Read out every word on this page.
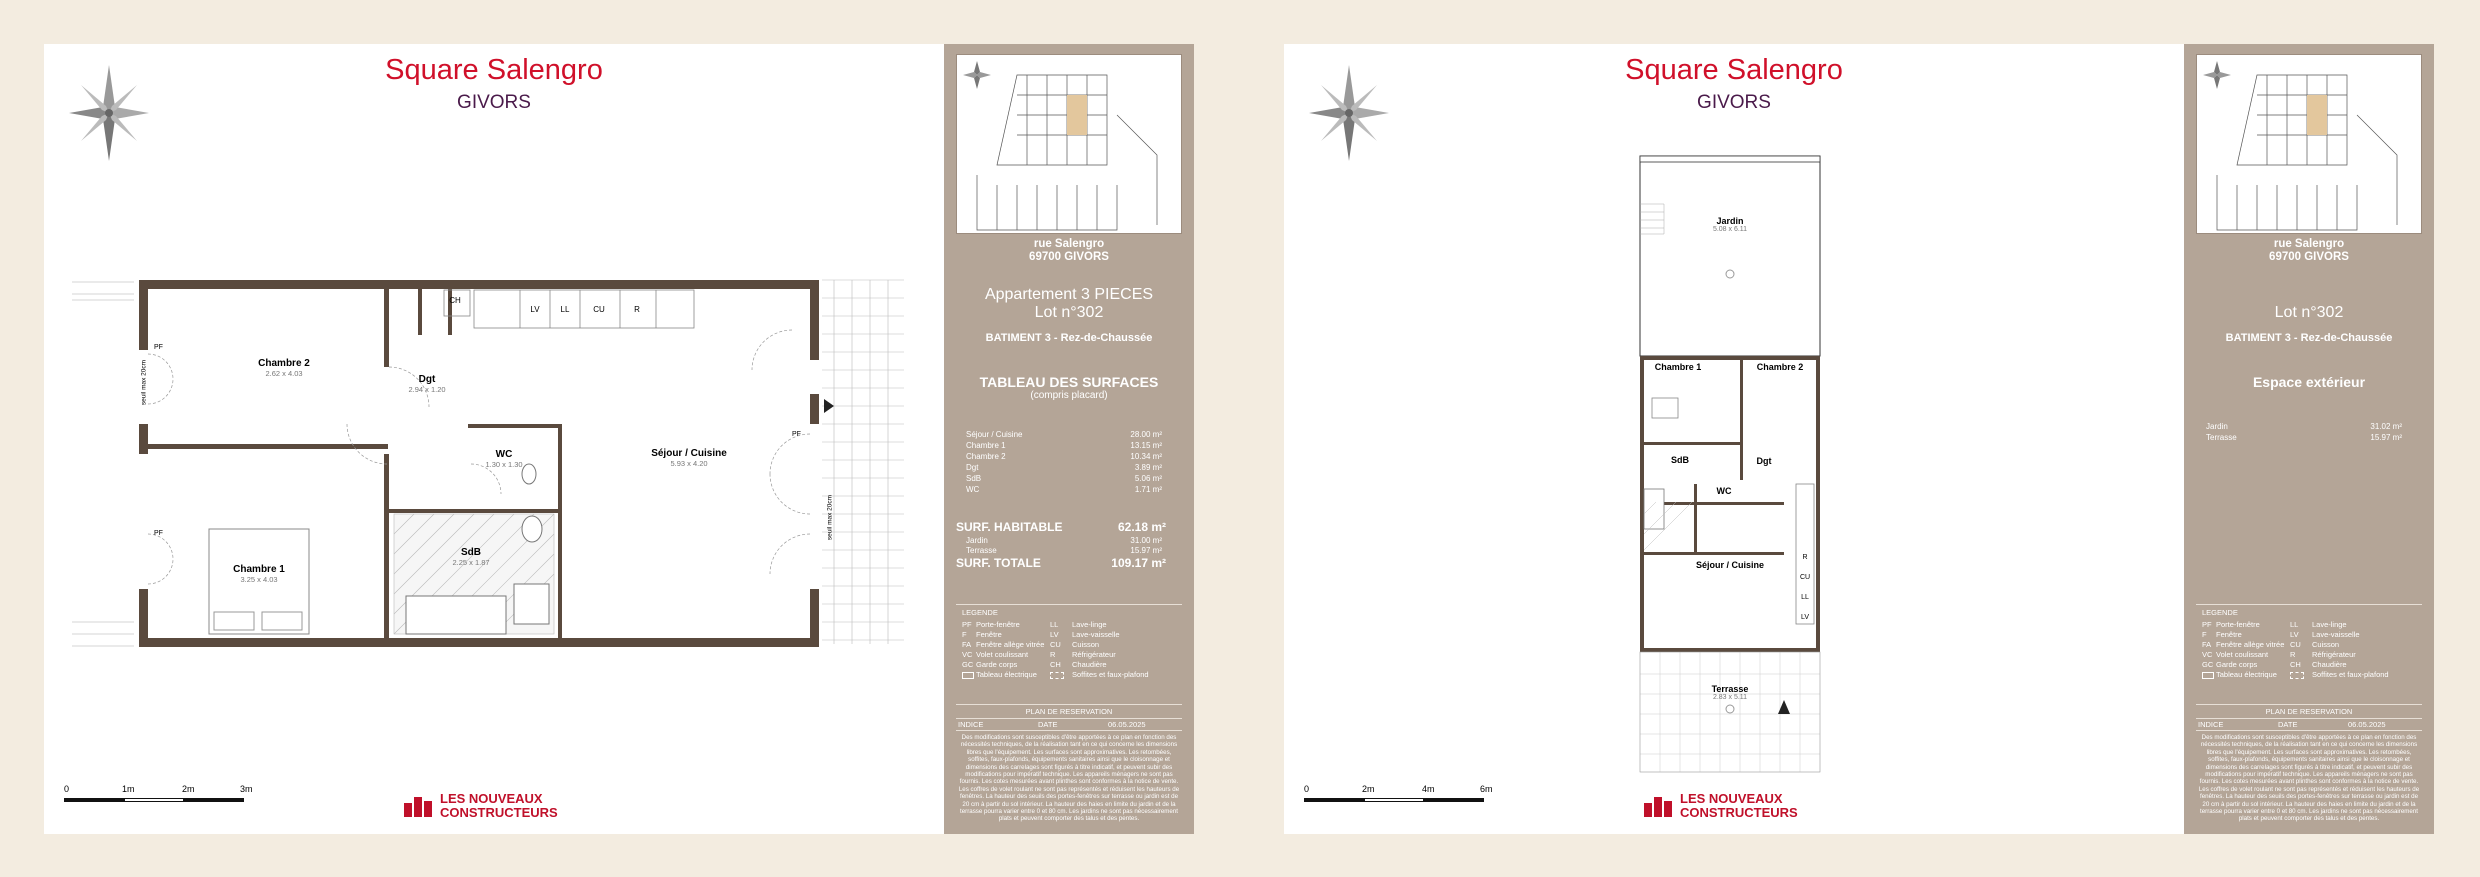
Square Salengro
GIVORS
Chambre 2
2.62 x 4.03
Dgt
2.94 x 1.20
WC
1.30 x 1.30
Séjour / Cuisine
5.93 x 4.20
Chambre 1
3.25 x 4.03
SdB
2.25 x 1.87
CH
LV	LL	CU	R
PF
PF
PF
seuil max 20cm
seuil max 20cm
0	1m	2m	3m
LES NOUVEAUX
CONSTRUCTEURS
rue Salengro
69700 GIVORS
Appartement 3 PIECES
Lot n°302
BATIMENT 3 - Rez-de-Chaussée
TABLEAU DES SURFACES
(compris placard)
Séjour / Cuisine	28.00 m²
Chambre 1	13.15 m²
Chambre 2	10.34 m²
Dgt	3.89 m²
SdB	5.06 m²
WC	1.71 m²
SURF. HABITABLE	62.18 m²
Jardin	31.00 m²
Terrasse	15.97 m²
SURF. TOTALE	109.17 m²
LEGENDE
PF Porte-fenêtre	LL	Lave-linge
F	Fenêtre	LV	Lave-vaisselle
FA Fenêtre allège vitrée CU	Cuisson
VC Volet coulissant	R	Réfrigérateur
GC Garde corps	CH	Chaudière
Tableau électrique	Soffites et faux-plafond
PLAN DE RESERVATION
INDICE	DATE	06.05.2025
Des modifications sont susceptibles d'être apportées à ce plan en fonction des nécessités techniques, de la réalisation tant en ce qui concerne les dimensions libres que l'équipement. Les surfaces sont approximatives. Les retombées, soffites, faux-plafonds, équipements sanitaires ainsi que le cloisonnage et dimensions des carrelages sont figurés à titre indicatif, et peuvent subir des modifications pour impératif technique. Les appareils ménagers ne sont pas fournis. Les cotes mesurées avant plinthes sont conformes à la notice de vente. Les coffres de volet roulant ne sont pas représentés et réduisent les hauteurs de fenêtres. La hauteur des seuils des portes-fenêtres sur terrasse ou jardin est de 20 cm à partir du sol intérieur. La hauteur des haies en limite du jardin et de la terrasse pourra varier entre 0 et 80 cm. Les jardins ne sont pas nécessairement plats et peuvent comporter des talus et des pentes.
Square Salengro
GIVORS
Jardin
5.08 x 6.11
Chambre 1	Chambre 2
SdB	Dgt
WC
Séjour / Cuisine
Terrasse
2.83 x 5.11
R
CU
LL
LV
0	2m	4m	6m
LES NOUVEAUX
CONSTRUCTEURS
rue Salengro
69700 GIVORS
Lot n°302
BATIMENT 3 - Rez-de-Chaussée
Espace extérieur
Jardin	31.02 m²
Terrasse	15.97 m²
LEGENDE
PF Porte-fenêtre	LL	Lave-linge
F	Fenêtre	LV	Lave-vaisselle
FA Fenêtre allège vitrée CU	Cuisson
VC Volet coulissant	R	Réfrigérateur
GC Garde corps	CH	Chaudière
Tableau électrique	Soffites et faux-plafond
PLAN DE RESERVATION
INDICE	DATE	06.05.2025
Des modifications sont susceptibles d'être apportées à ce plan en fonction des nécessités techniques, de la réalisation tant en ce qui concerne les dimensions libres que l'équipement. Les surfaces sont approximatives. Les retombées, soffites, faux-plafonds, équipements sanitaires ainsi que le cloisonnage et dimensions des carrelages sont figurés à titre indicatif, et peuvent subir des modifications pour impératif technique. Les appareils ménagers ne sont pas fournis. Les cotes mesurées avant plinthes sont conformes à la notice de vente. Les coffres de volet roulant ne sont pas représentés et réduisent les hauteurs de fenêtres. La hauteur des seuils des portes-fenêtres sur terrasse ou jardin est de 20 cm à partir du sol intérieur. La hauteur des haies en limite du jardin et de la terrasse pourra varier entre 0 et 80 cm. Les jardins ne sont pas nécessairement plats et peuvent comporter des talus et des pentes.
